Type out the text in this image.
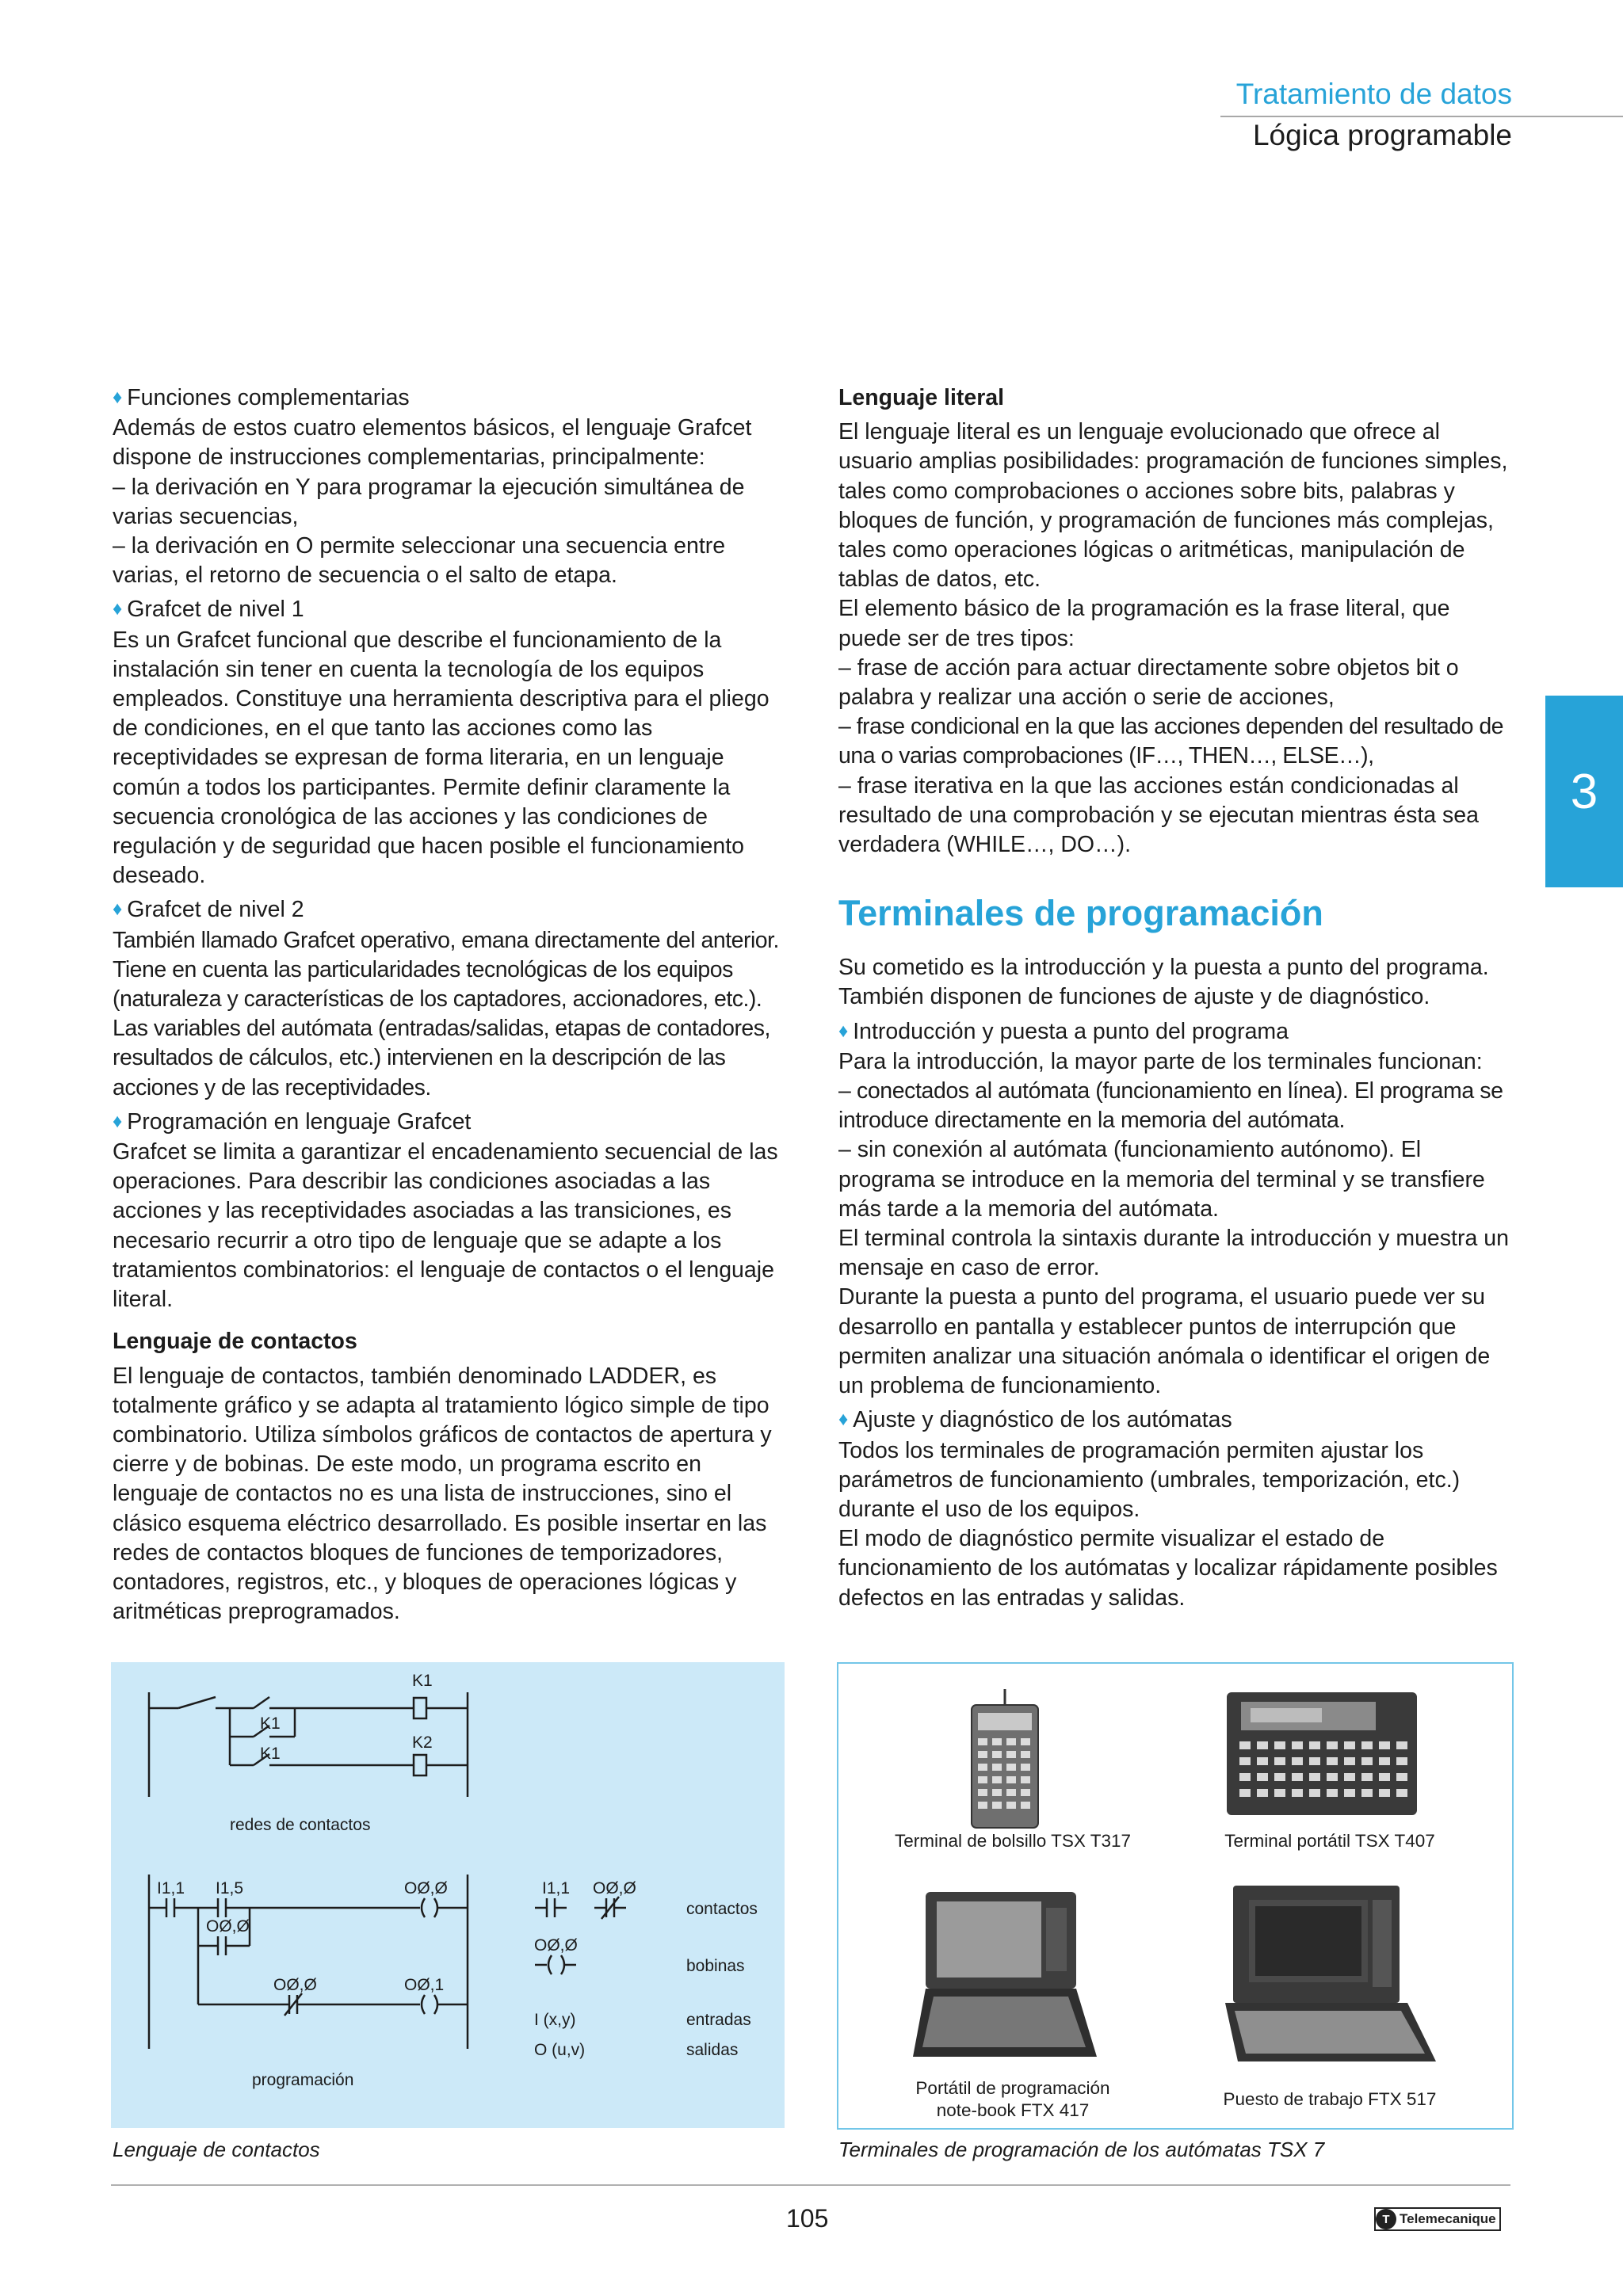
Tratamiento de datos
Lógica programable
3

♦ Funciones complementarias

Además de estos cuatro elementos básicos, el lenguaje Grafcet dispone de instrucciones complementarias, principalmente:

– la derivación en Y para programar la ejecución simultánea de varias secuencias,

– la derivación en O permite seleccionar una secuencia entre varias, el retorno de secuencia o el salto de etapa.

♦ Grafcet de nivel 1

Es un Grafcet funcional que describe el funcionamiento de la instalación sin tener en cuenta la tecnología de los equipos empleados. Constituye una herramienta descriptiva para el pliego de condiciones, en el que tanto las acciones como las receptividades se expresan de forma literaria, en un lenguaje común a todos los participantes. Permite definir claramente la secuencia cronológica de las acciones y las condiciones de regulación y de seguridad que hacen posible el funcionamiento deseado.

♦ Grafcet de nivel 2

También llamado Grafcet operativo, emana directamente del anterior. Tiene en cuenta las particularidades tecnológicas de los equipos (naturaleza y características de los captadores, accionadores, etc.). Las variables del autómata (entradas/salidas, etapas de contadores, resultados de cálculos, etc.) intervienen en la descripción de las acciones y de las receptividades.

♦ Programación en lenguaje Grafcet

Grafcet se limita a garantizar el encadenamiento secuencial de las operaciones. Para describir las condiciones asociadas a las acciones y las receptividades asociadas a las transiciones, es necesario recurrir a otro tipo de lenguaje que se adapte a los tratamientos combinatorios: el lenguaje de contactos o el lenguaje literal.

Lenguaje de contactos

El lenguaje de contactos, también denominado LADDER, es totalmente gráfico y se adapta al tratamiento lógico simple de tipo combinatorio. Utiliza símbolos gráficos de contactos de apertura y cierre y de bobinas. De este modo, un programa escrito en lenguaje de contactos no es una lista de instrucciones, sino el clásico esquema eléctrico desarrollado. Es posible insertar en las redes de contactos bloques de funciones de temporizadores, contadores, registros, etc., y bloques de operaciones lógicas y aritméticas preprogramados.

Lenguaje literal

El lenguaje literal es un lenguaje evolucionado que ofrece al usuario amplias posibilidades: programación de funciones simples, tales como comprobaciones o acciones sobre bits, palabras y bloques de función, y programación de funciones más complejas, tales como operaciones lógicas o aritméticas, manipulación de tablas de datos, etc.

El elemento básico de la programación es la frase literal, que puede ser de tres tipos:

– frase de acción para actuar directamente sobre objetos bit o palabra y realizar una acción o serie de acciones,

– frase condicional en la que las acciones dependen del resultado de una o varias comprobaciones (IF…, THEN…, ELSE…),

– frase iterativa en la que las acciones están condicionadas al resultado de una comprobación y se ejecutan mientras ésta sea verdadera (WHILE…, DO…).

Terminales de programación

Su cometido es la introducción y la puesta a punto del programa. También disponen de funciones de ajuste y de diagnóstico.

♦ Introducción y puesta a punto del programa

Para la introducción, la mayor parte de los terminales funcionan:

– conectados al autómata (funcionamiento en línea). El programa se introduce directamente en la memoria del autómata.

– sin conexión al autómata (funcionamiento autónomo). El programa se introduce en la memoria del terminal y se transfiere más tarde a la memoria del autómata.

El terminal controla la sintaxis durante la introducción y muestra un mensaje en caso de error.

Durante la puesta a punto del programa, el usuario puede ver su desarrollo en pantalla y establecer puntos de interrupción que permiten analizar una situación anómala o identificar el origen de un problema de funcionamiento.

♦ Ajuste y diagnóstico de los autómatas

Todos los terminales de programación permiten ajustar los parámetros de funcionamiento (umbrales, temporización, etc.) durante el uso de los equipos.

El modo de diagnóstico permite visualizar el estado de funcionamiento de los autómatas y localizar rápidamente posibles defectos en las entradas y salidas.

K1
K1
K1
K2
redes de contactos
I1,1 I1,5	OØ,Ø
OØ,Ø
OØ,Ø	OØ,1
programación
I1,1 OØ,Ø
contactos
OØ,Ø
bobinas
I (x,y)	entradas
O (u,v)	salidas
Terminal de bolsillo TSX T317	Terminal portátil TSX T407
Portátil de programación
note-book FTX 417
Puesto de trabajo FTX 517
Lenguaje de contactos	Terminales de programación de los autómatas TSX 7
105	T Telemecanique
